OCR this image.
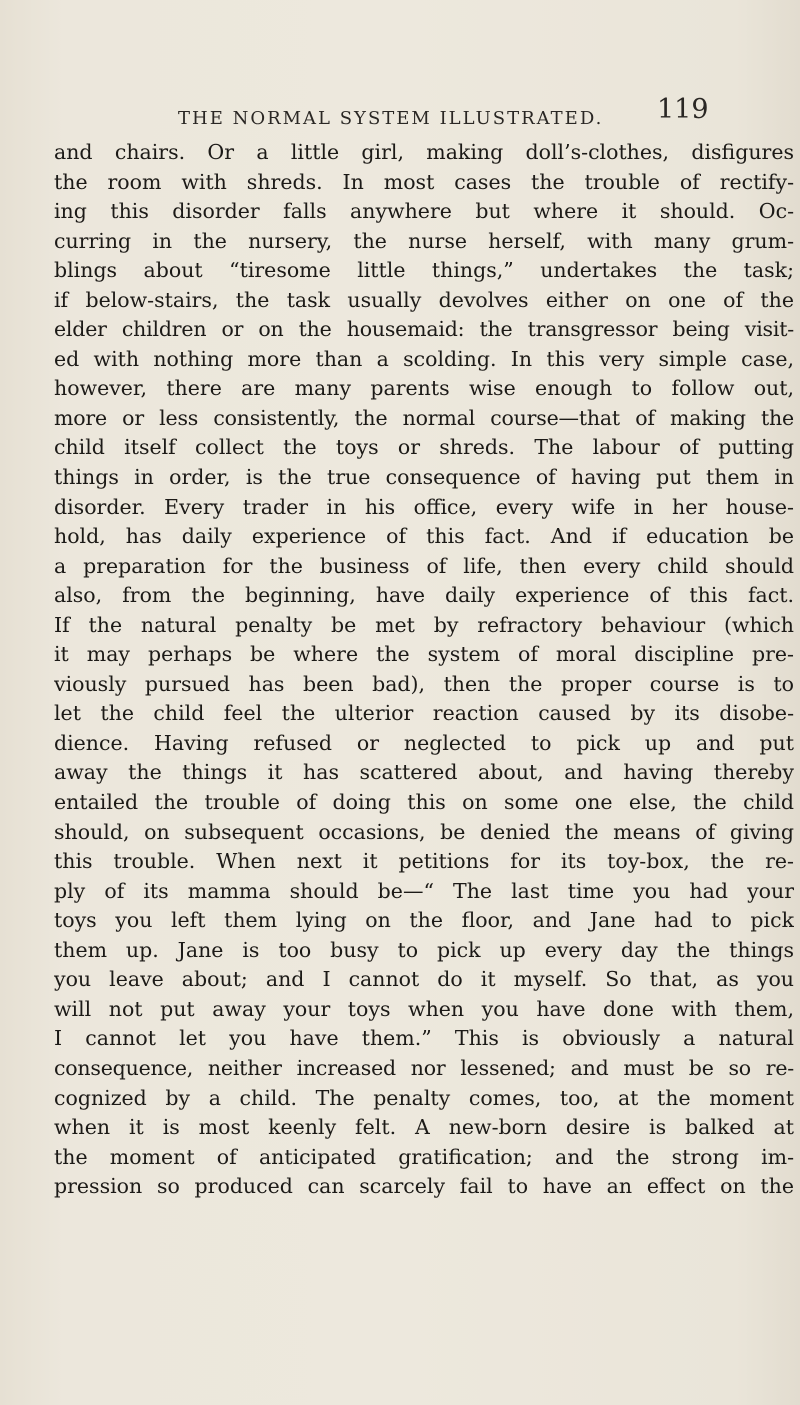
THE NORMAL SYSTEM ILLUSTRATED.	119
and chairs. Or a little girl, making doll’s-clothes, disfigures
the room with shreds. In most cases the trouble of rectify-
ing this disorder falls anywhere but where it should. Oc-
curring in the nursery, the nurse herself, with many grum-
blings about “tiresome little things,” undertakes the task;
if below-stairs, the task usually devolves either on one of the
elder children or on the housemaid: the transgressor being visit-
ed with nothing more than a scolding. In this very simple case,
however, there are many parents wise enough to follow out,
more or less consistently, the normal course—that of making the
child itself collect the toys or shreds. The labour of putting
things in order, is the true consequence of having put them in
disorder. Every trader in his office, every wife in her house-
hold, has daily experience of this fact. And if education be
a preparation for the business of life, then every child should
also, from the beginning, have daily experience of this fact.
If the natural penalty be met by refractory behaviour (which
it may perhaps be where the system of moral discipline pre-
viously pursued has been bad), then the proper course is to
let the child feel the ulterior reaction caused by its disobe-
dience. Having refused or neglected to pick up and put
away the things it has scattered about, and having thereby
entailed the trouble of doing this on some one else, the child
should, on subsequent occasions, be denied the means of giving
this trouble. When next it petitions for its toy-box, the re-
ply of its mamma should be—“ The last time you had your
toys you left them lying on the floor, and Jane had to pick
them up. Jane is too busy to pick up every day the things
you leave about; and I cannot do it myself. So that, as you
will not put away your toys when you have done with them,
I cannot let you have them.” This is obviously a natural
consequence, neither increased nor lessened; and must be so re-
cognized by a child. The penalty comes, too, at the moment
when it is most keenly felt. A new-born desire is balked at
the moment of anticipated gratification; and the strong im-
pression so produced can scarcely fail to have an effect on the
